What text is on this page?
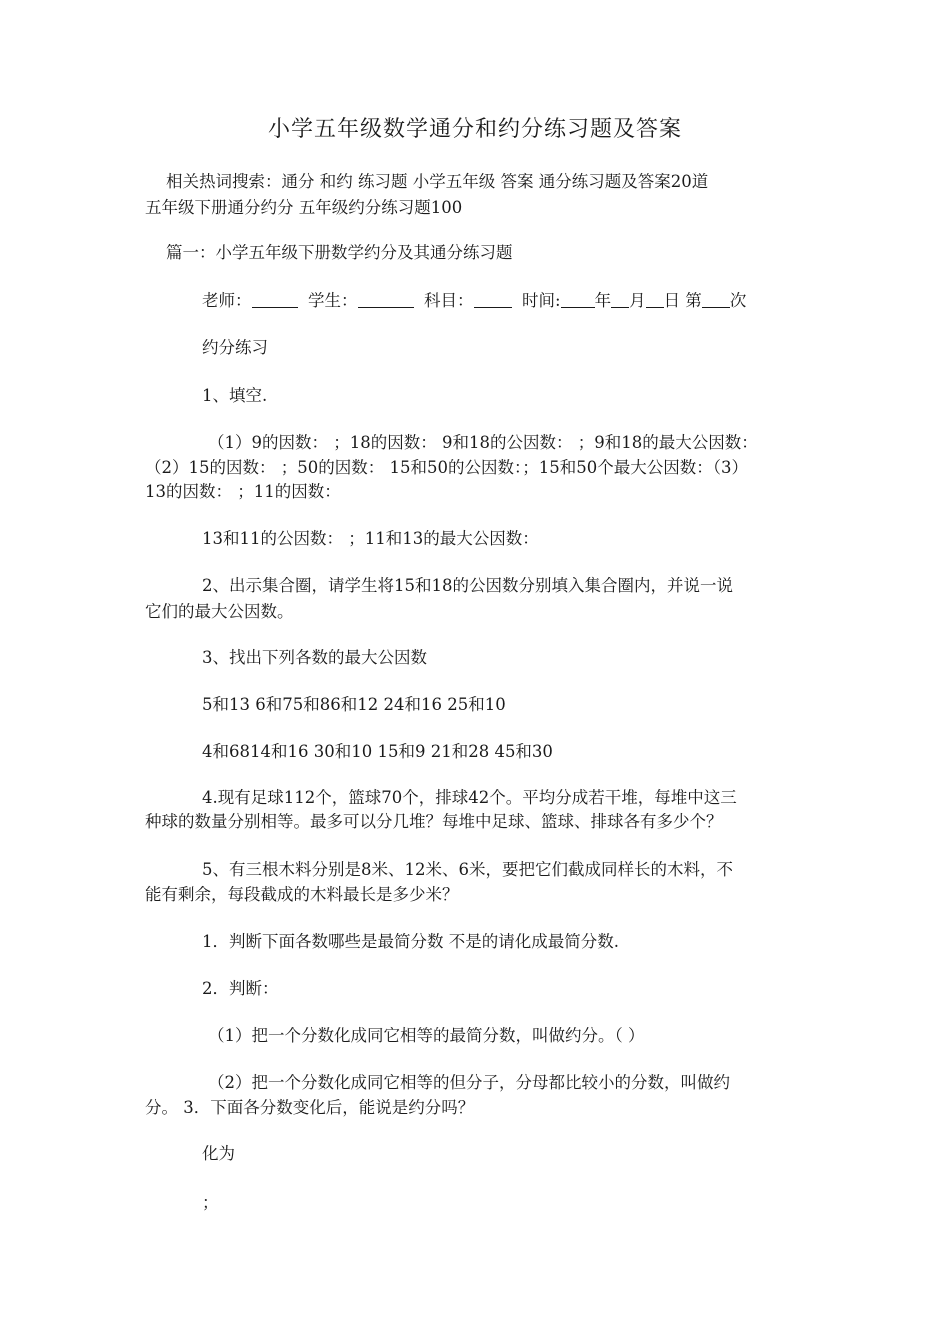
小学五年级数学通分和约分练习题及答案
相关热词搜索：通分 和约 练习题 小学五年级 答案 通分练习题及答案20道
五年级下册通分约分 五年级约分练习题100
篇一：小学五年级下册数学约分及其通分练习题
老师：	学生：	科目：	时间: 年 月 日 第 次
约分练习
1、填空.
（1）9的因数： ；18的因数： 9和18的公因数： ；9和18的最大公因数：
（2）15的因数： ；50的因数： 15和50的公因数：；15和50个最大公因数：（3）
13的因数： ；11的因数：
13和11的公因数： ；11和13的最大公因数：
2、出示集合圈，请学生将15和18的公因数分别填入集合圈内，并说一说
它们的最大公因数。
3、找出下列各数的最大公因数
5和13 6和75和86和12 24和16 25和10
4和6814和16 30和10 15和9 21和28 45和30
4.现有足球112个，篮球70个，排球42个。平均分成若干堆，每堆中这三
种球的数量分别相等。最多可以分几堆？每堆中足球、篮球、排球各有多少个？
5、有三根木料分别是8米、12米、6米，要把它们截成同样长的木料，不
能有剩余，每段截成的木料最长是多少米？
1．判断下面各数哪些是最简分数 不是的请化成最简分数.
2．判断：
（1）把一个分数化成同它相等的最简分数，叫做约分。（ ）
（2）把一个分数化成同它相等的但分子，分母都比较小的分数，叫做约
分。 3．下面各分数变化后，能说是约分吗？
化为
；
